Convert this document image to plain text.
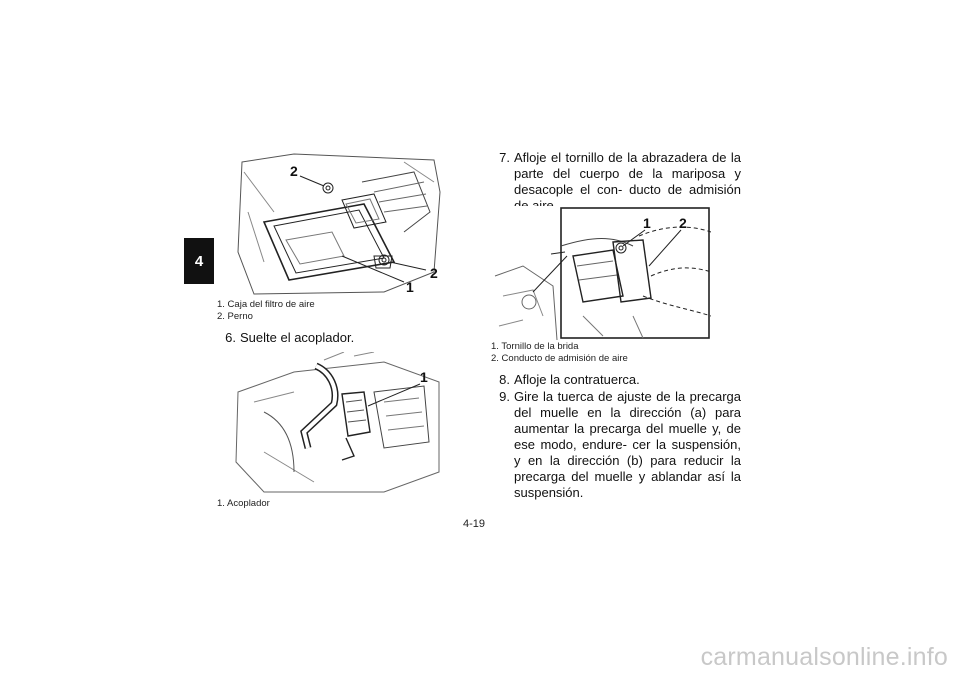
4
2
2
1
1. Caja del filtro de aire
2. Perno
6. Suelte el acoplador.
1
1. Acoplador
7. Afloje el tornillo de la abrazadera de la parte del cuerpo de la mariposa y desacople el con- ducto de admisión
1 2
1. Tornillo de la brida
2. Conducto de admisión de aire
8. Afloje la contratuerca.
9. Gire la tuerca de ajuste de la precarga del muelle en la dirección (a) para aumentar la precarga del muelle y, de ese modo, endure- cer la suspensión, y en la dirección (b) para reducir la precarga del muelle y ablandar así la suspensión.
4-19
carmanualsonline.info
